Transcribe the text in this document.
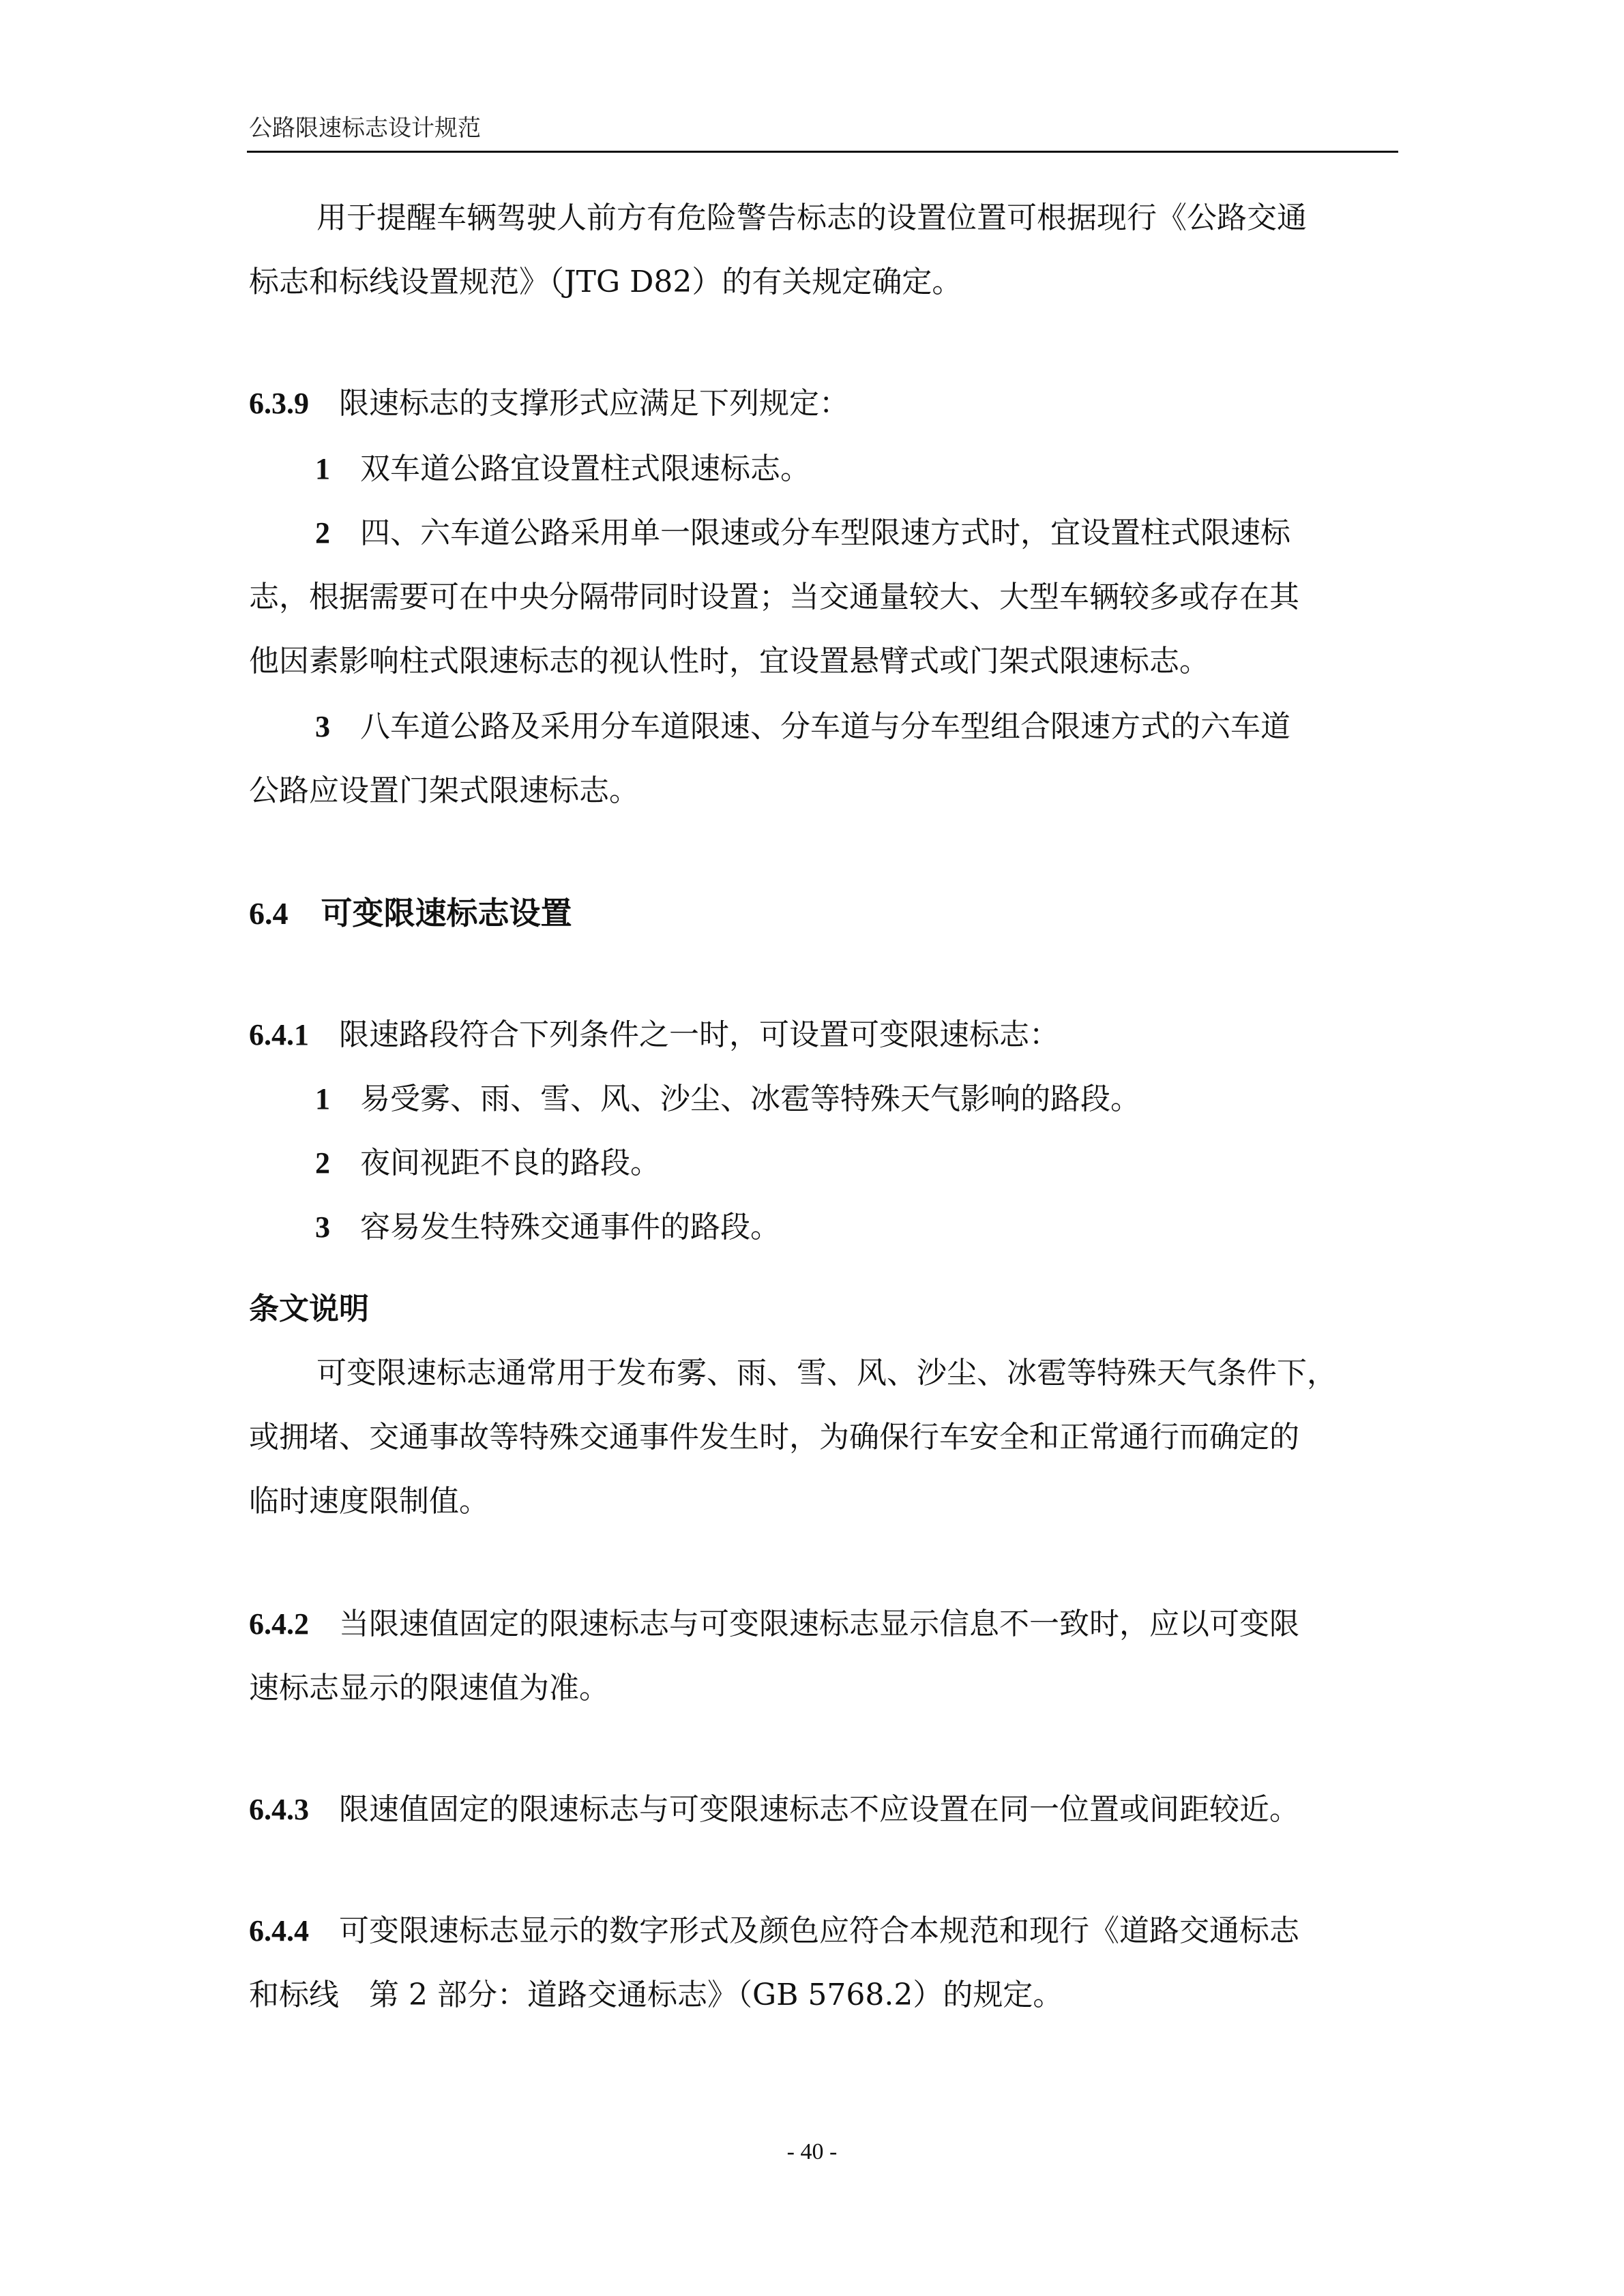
公路限速标志设计规范
用于提醒车辆驾驶人前方有危险警告标志的设置位置可根据现行《公路交通
标志和标线设置规范》（JTG D82）的有关规定确定。
6.3.9 限速标志的支撑形式应满足下列规定：
1 双车道公路宜设置柱式限速标志。
2 四、六车道公路采用单一限速或分车型限速方式时，宜设置柱式限速标
志，根据需要可在中央分隔带同时设置；当交通量较大、大型车辆较多或存在其
他因素影响柱式限速标志的视认性时，宜设置悬臂式或门架式限速标志。
3 八车道公路及采用分车道限速、分车道与分车型组合限速方式的六车道
公路应设置门架式限速标志。
6.4 可变限速标志设置
6.4.1 限速路段符合下列条件之一时，可设置可变限速标志：
1 易受雾、雨、雪、风、沙尘、冰雹等特殊天气影响的路段。
2 夜间视距不良的路段。
3 容易发生特殊交通事件的路段。
条文说明
可变限速标志通常用于发布雾、雨、雪、风、沙尘、冰雹等特殊天气条件下，
或拥堵、交通事故等特殊交通事件发生时，为确保行车安全和正常通行而确定的
临时速度限制值。
6.4.2 当限速值固定的限速标志与可变限速标志显示信息不一致时，应以可变限
速标志显示的限速值为准。
6.4.3 限速值固定的限速标志与可变限速标志不应设置在同一位置或间距较近。
6.4.4 可变限速标志显示的数字形式及颜色应符合本规范和现行《道路交通标志
和标线　第 2 部分：道路交通标志》（GB 5768.2）的规定。
- 40 -
